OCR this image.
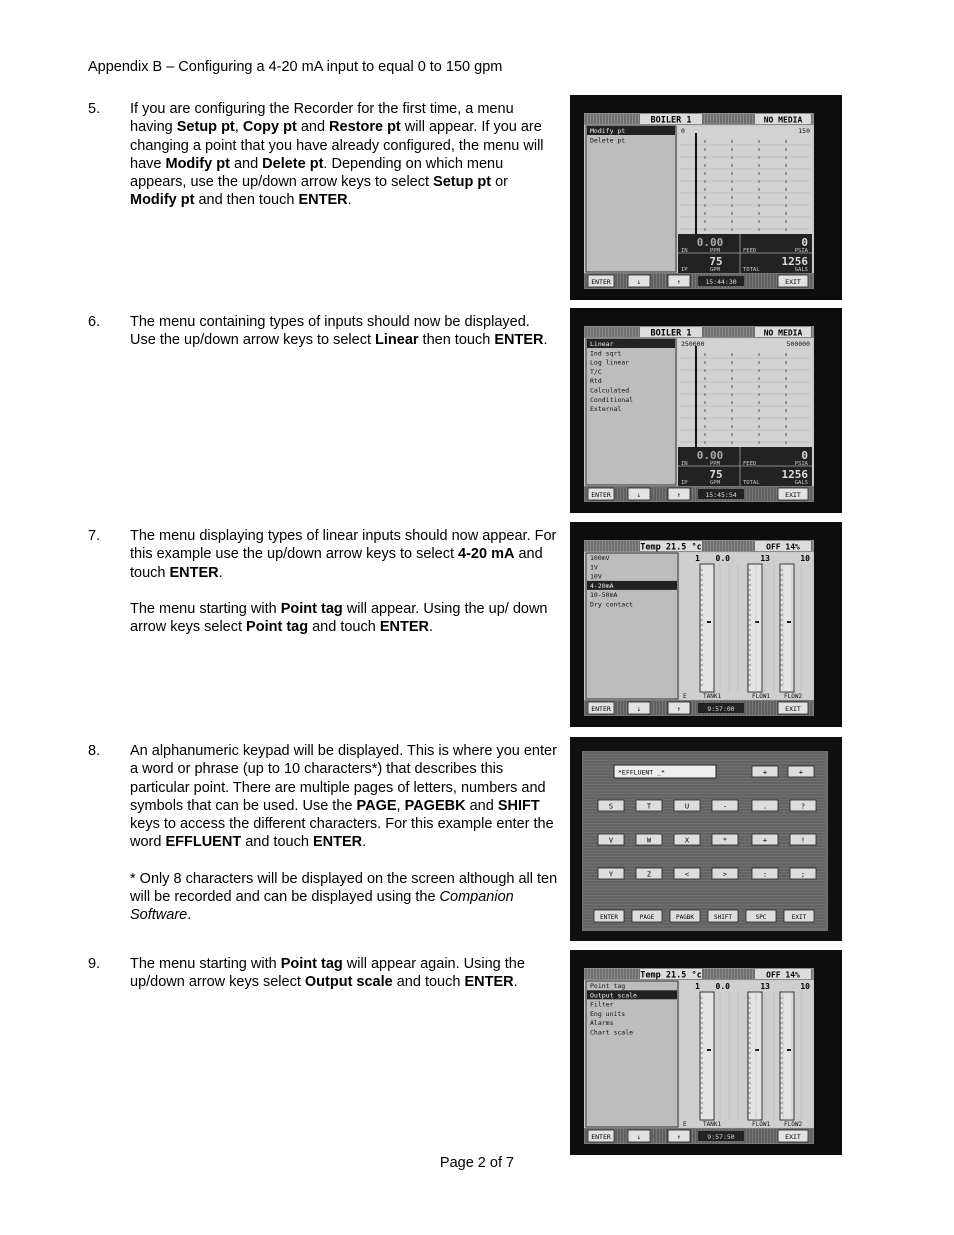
Appendix B – Configuring a 4-20 mA input to equal 0 to 150 gpm
5. If you are configuring the Recorder for the first time, a menu having Setup pt, Copy pt and Restore pt will appear. If you are changing a point that you have already configured, the menu will have Modify pt and Delete pt. Depending on which menu appears, use the up/down arrow keys to select Setup pt or Modify pt and then touch ENTER.

6. The menu containing types of inputs should now be displayed. Use the up/down arrow keys to select Linear then touch ENTER.

7. The menu displaying types of linear inputs should now appear. For this example use the up/down arrow keys to select 4-20 mA and touch ENTER.

The menu starting with Point tag will appear. Using the up/ down arrow keys select Point tag and touch ENTER.

8. An alphanumeric keypad will be displayed. This is where you enter a word or phrase (up to 10 characters*) that describes this particular point. There are multiple pages of letters, numbers and symbols that can be used. Use the PAGE, PAGEBK and SHIFT keys to access the different characters. For this example enter the word EFFLUENT and touch ENTER.

* Only 8 characters will be displayed on the screen although all ten will be recorded and can be displayed using the Companion Software.

9. The menu starting with Point tag will appear again. Using the up/down arrow keys select Output scale and touch ENTER.

BOILER 1	NO MEDIA
0	150
Modify pt
Delete pt
0.00
IN	PPM	FEED
0
PSIA
75
IP	GPM	TOTAL
1256
GALS
ENTER	↓	↑	EXIT
15:44:30
BOILER 1	NO MEDIA
250000	500000
Linear
Ind sqrt
Log linear
T/C
Rtd
Calculated
Conditional
External
0.00
IN	PPM	FEED
0
PSIA
75
IP	GPM	TOTAL
1256
GALS
ENTER	↓	↑	EXIT
15:45:54
Temp 21.5 °c	OFF 14%
1 0.0	13	10
E	TANK1	FLOW1 FLOW2
100mV
1V
10V
4-20mA
10-50mA
Dry contact
ENTER	↓	↑	EXIT
9:57:00
*EFFLUENT _*	+	+
S	T	U	-	.	?
V	W	X	*	+	!
Y	Z	<	>	:	;
ENTER	PAGE	PAGBK	SHIFT	SPC	EXIT
Temp 21.5 °c	OFF 14%
1 0.0	13	10
E	TANK1	FLOW1 FLOW2
Point tag
Output scale
Filter
Eng units
Alarms
Chart scale
ENTER	↓	↑	EXIT
9:57:50
Page 2 of 7
